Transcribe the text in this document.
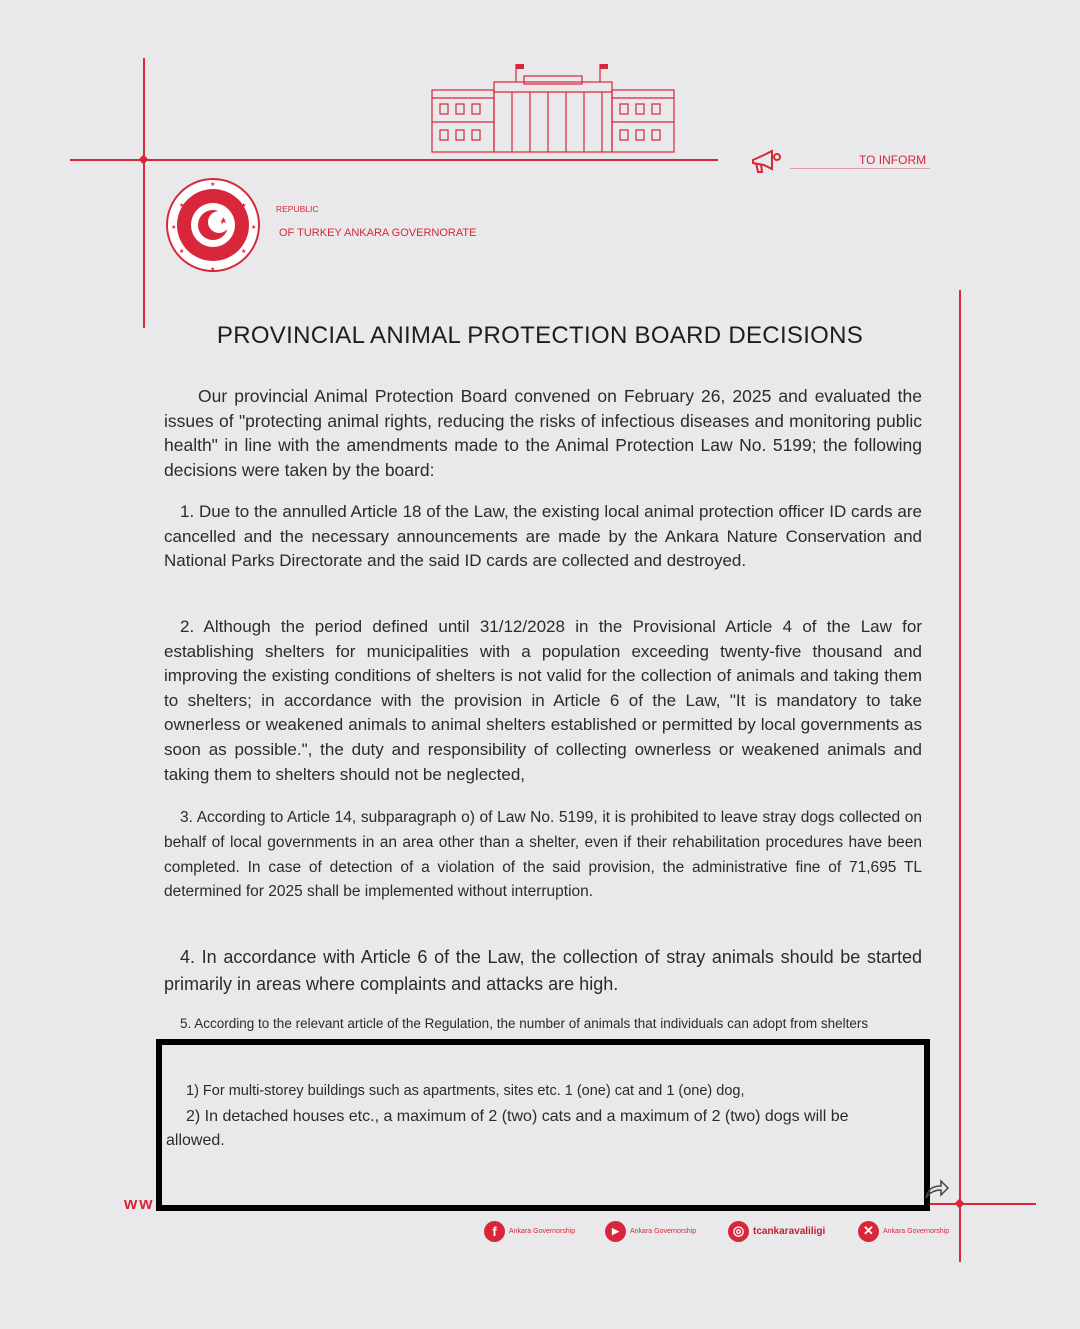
TO INFORM
★	★
★	★
★	★
★
★
REPUBLIC
OF TURKEY ANKARA GOVERNORATE
PROVINCIAL ANIMAL PROTECTION BOARD DECISIONS
Our provincial Animal Protection Board convened on February 26, 2025 and evaluated the issues of "protecting animal rights, reducing the risks of infectious diseases and monitoring public health" in line with the amendments made to the Animal Protection Law No. 5199; the following decisions were taken by the board:
1. Due to the annulled Article 18 of the Law, the existing local animal protection officer ID cards are cancelled and the necessary announcements are made by the Ankara Nature Conservation and National Parks Directorate and the said ID cards are collected and destroyed.
2. Although the period defined until 31/12/2028 in the Provisional Article 4 of the Law for establishing shelters for municipalities with a population exceeding twenty-five thousand and improving the existing conditions of shelters is not valid for the collection of animals and taking them to shelters; in accordance with the provision in Article 6 of the Law, "It is mandatory to take ownerless or weakened animals to animal shelters established or permitted by local governments as soon as possible.", the duty and responsibility of collecting ownerless or weakened animals and taking them to shelters should not be neglected,
3. According to Article 14, subparagraph o) of Law No. 5199, it is prohibited to leave stray dogs collected on behalf of local governments in an area other than a shelter, even if their rehabilitation procedures have been completed. In case of detection of a violation of the said provision, the administrative fine of 71,695 TL determined for 2025 shall be implemented without interruption.
4. In accordance with Article 6 of the Law, the collection of stray animals should be started primarily in areas where complaints and attacks are high.
5. According to the relevant article of the Regulation, the number of animals that individuals can adopt from shelters
1) For multi-storey buildings such as apartments, sites etc. 1 (one) cat and 1 (one) dog,
2) In detached houses etc., a maximum of 2 (two) cats and a maximum of 2 (two) dogs will be allowed.
ww
f	Ankara Governorship	▶	Ankara Governorship	◎ tcankaravaliligi	✕	Ankara Governorship
